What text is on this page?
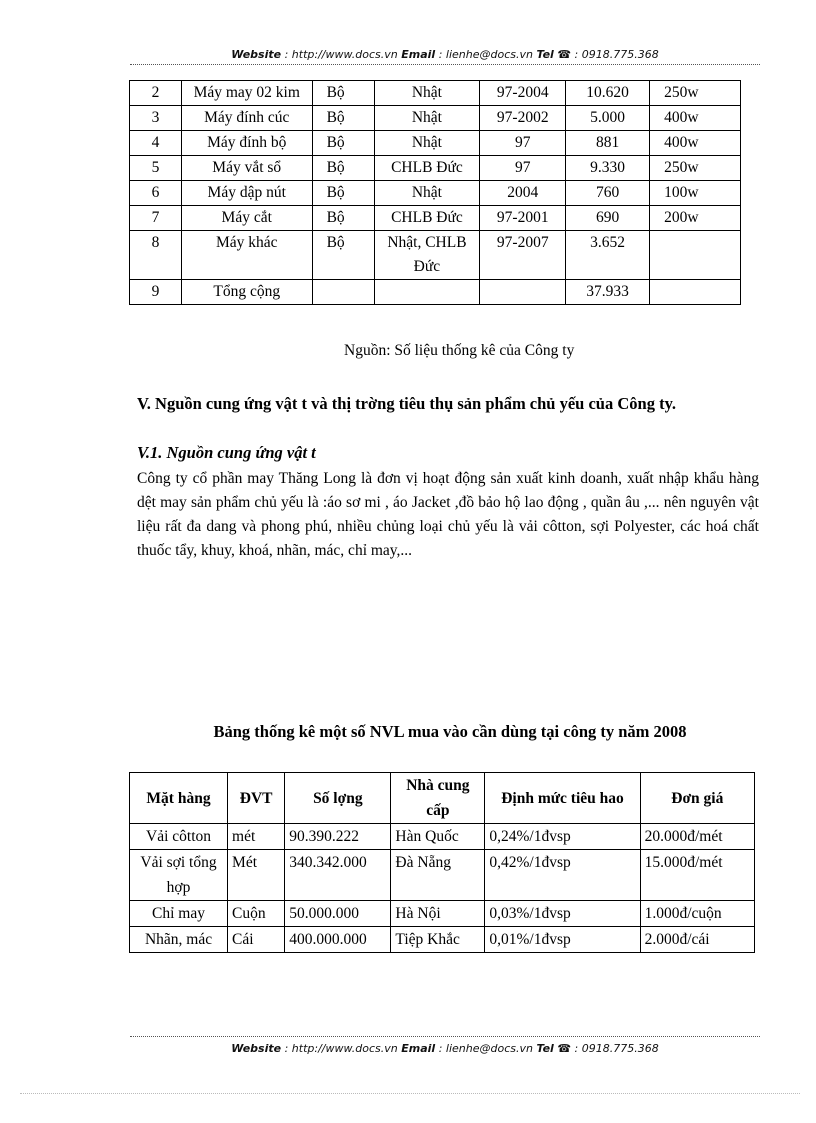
Website : http://www.docs.vn Email : lienhe@docs.vn Tel ☎ : 0918.775.368
2	Máy may 02 kim	Bộ	Nhật	97-2004	10.620	250w
3	Máy đính cúc	Bộ	Nhật	97-2002	5.000	400w
4	Máy đính bộ	Bộ	Nhật	97	881	400w
5	Máy vắt sổ	Bộ	CHLB Đức	97	9.330	250w
6	Máy dập nút	Bộ	Nhật	2004	760	100w
7	Máy cắt	Bộ	CHLB Đức	97-2001	690	200w
8	Máy khác	Bộ	Nhật, CHLB Đức	97-2007	3.652	
9	Tổng cộng				37.933	
Nguồn: Số liệu thống kê của Công ty
V. Nguồn cung ứng vật t và thị trờng tiêu thụ sản phẩm chủ yếu của Công ty.
V.1. Nguồn cung ứng vật t
Công ty cổ phần may Thăng Long là đơn vị hoạt động sản xuất kinh doanh, xuất nhập khẩu hàng dệt may sản phẩm chủ yếu là :áo sơ mi , áo Jacket ,đồ bảo hộ lao động , quần âu ,... nên nguyên vật liệu rất đa dang và phong phú, nhiều chủng loại chủ yếu là vải côtton, sợi Polyester, các hoá chất thuốc tẩy, khuy, khoá, nhãn, mác, chỉ may,...
Bảng thống kê một số NVL mua vào cần dùng tại công ty năm 2008
Mặt hàng	ĐVT	Số lợng	Nhà cung cấp	Định mức tiêu hao	Đơn giá
Vải côtton	mét	90.390.222	Hàn Quốc	0,24%/1đvsp	20.000đ/mét
Vải sợi tổng hợp	Mét	340.342.000	Đà Nẵng	0,42%/1đvsp	15.000đ/mét
Chỉ may	Cuộn	50.000.000	Hà Nội	0,03%/1đvsp	1.000đ/cuộn
Nhãn, mác	Cái	400.000.000	Tiệp Khắc	0,01%/1đvsp	2.000đ/cái
Website : http://www.docs.vn Email : lienhe@docs.vn Tel ☎ : 0918.775.368
